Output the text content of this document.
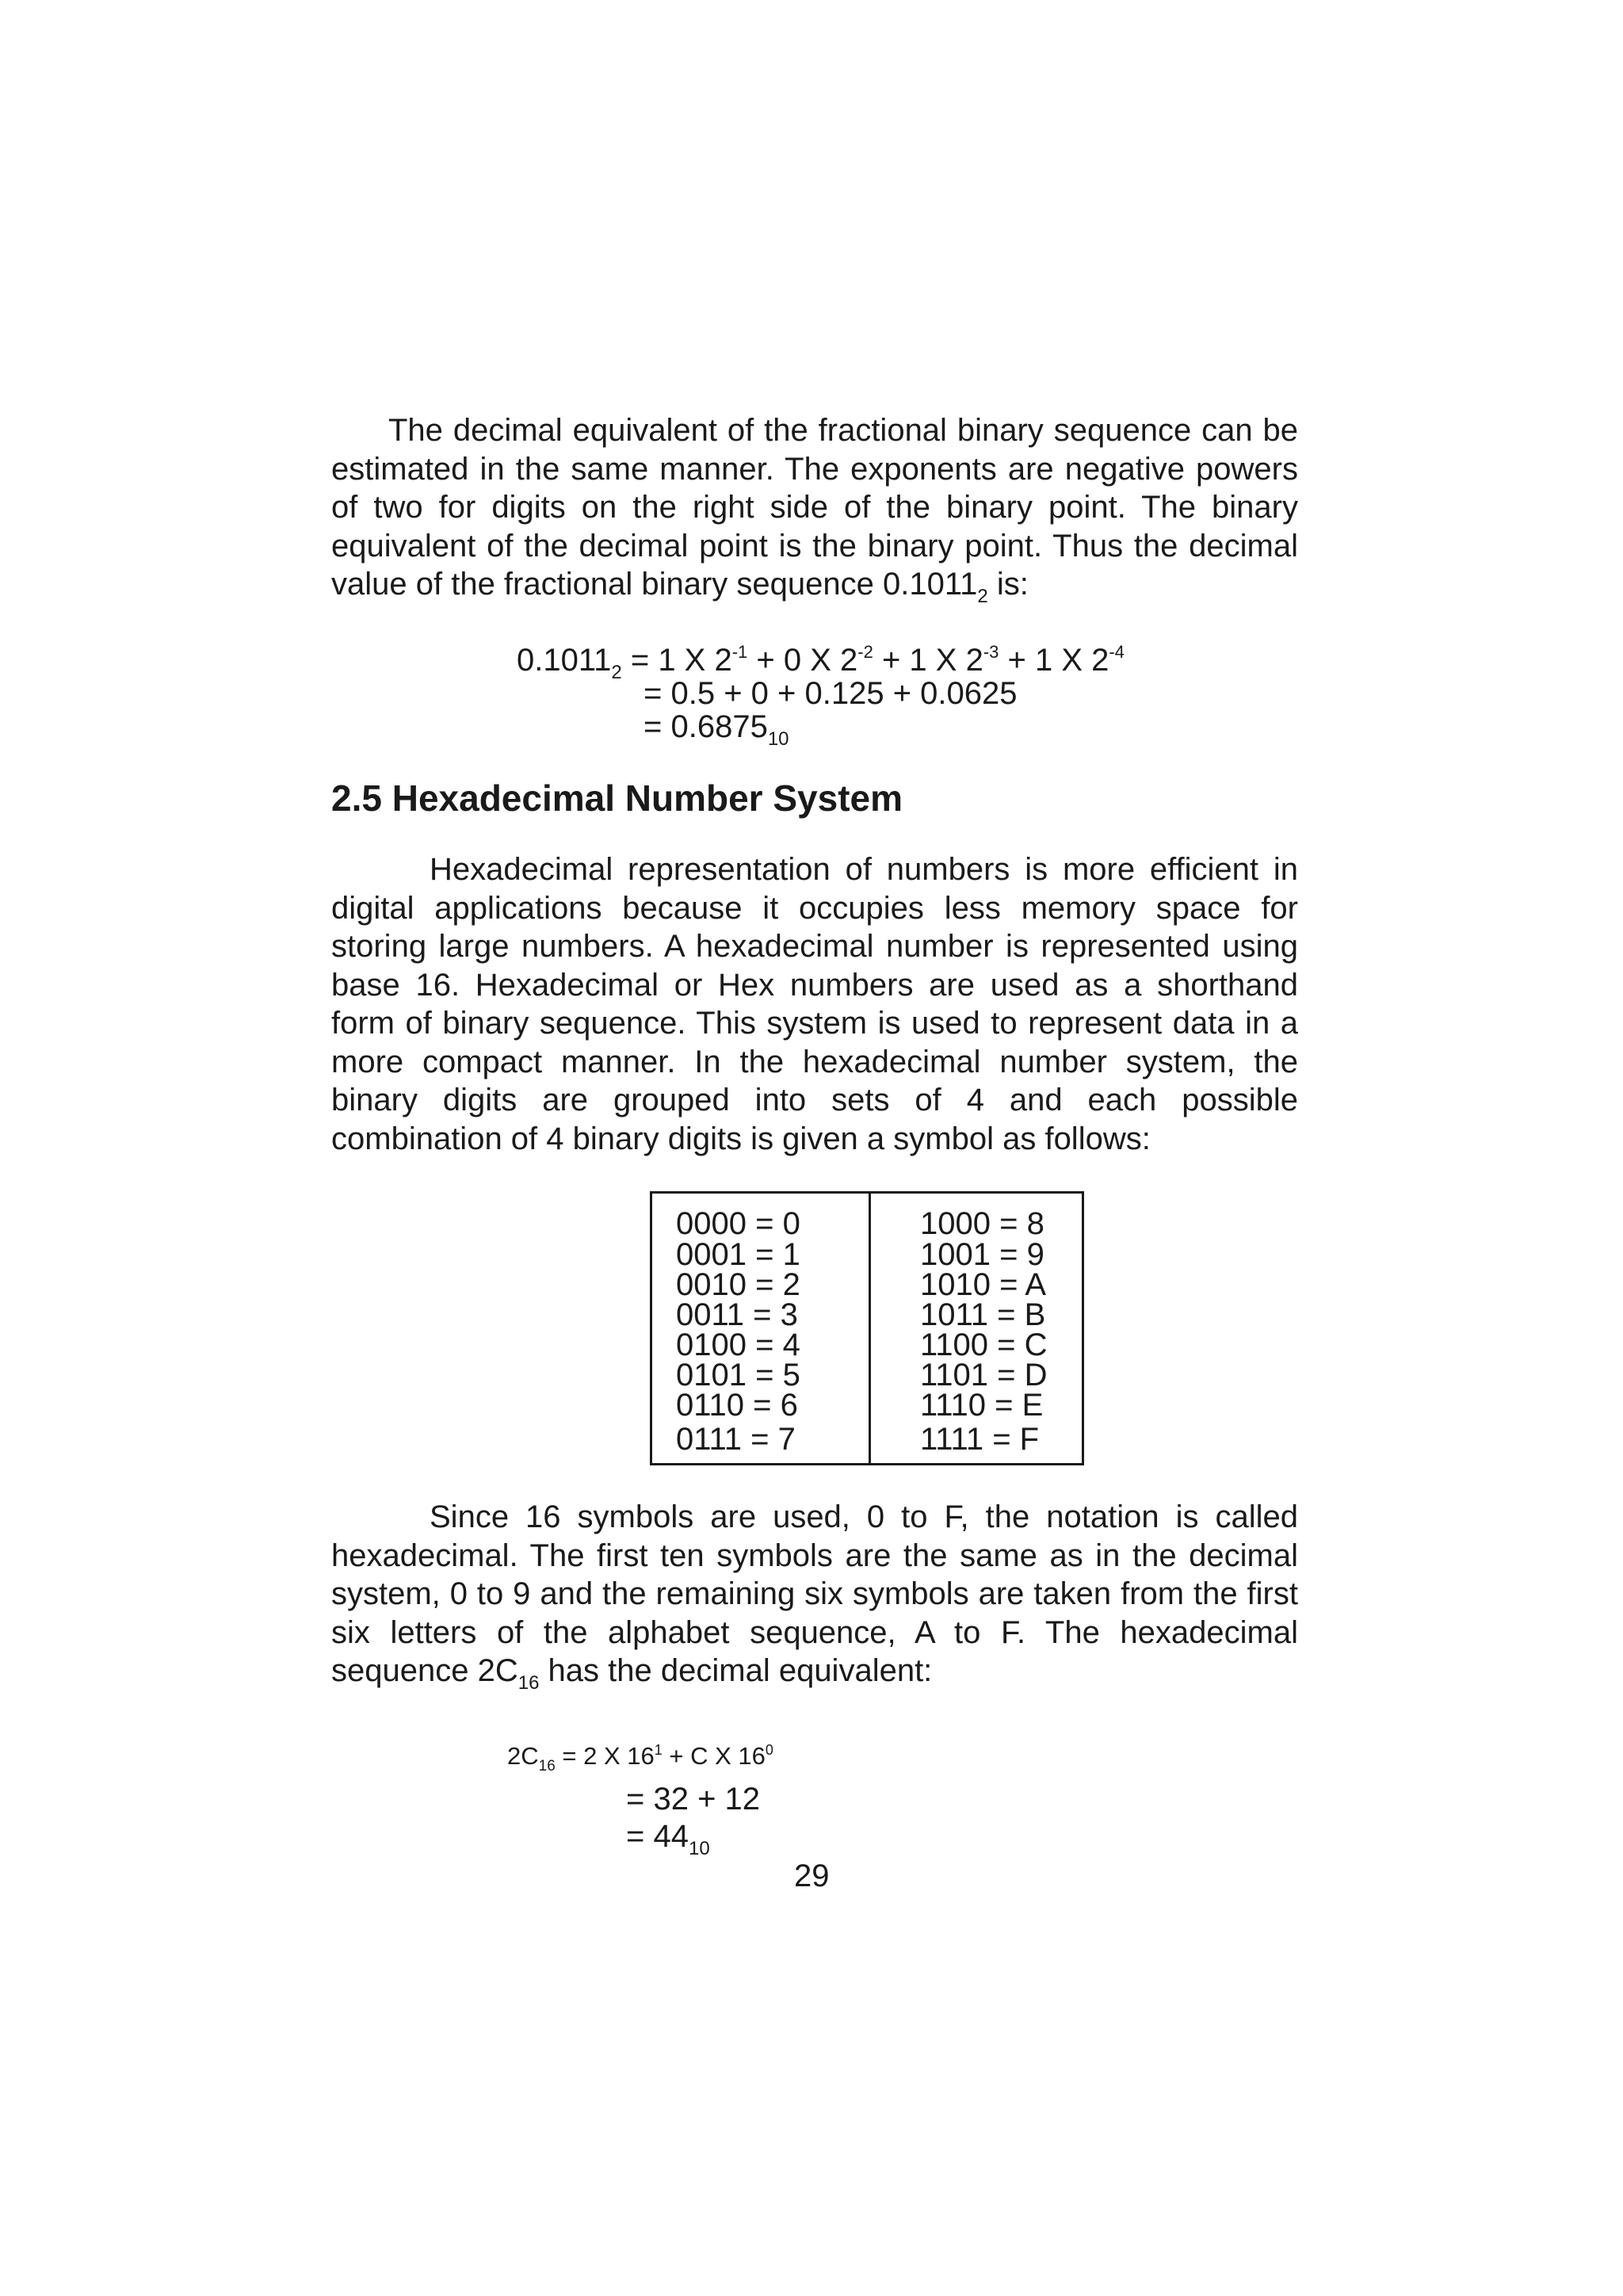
The decimal equivalent of the fractional binary sequence can be estimated in the same manner. The exponents are negative powers of two for digits on the right side of the binary point. The binary equivalent of the decimal point is the binary point. Thus the decimal value of the fractional binary sequence $0.1011_2$ is:

$0.1011_2 = 1$ X $2^{-1} + 0$ X $2^{-2} + 1$ X $2^{-3} + 1$ X $2^{-4}$
= 0.5 + 0 + 0.125 + 0.0625
= $0.6875_{10}$
2.5 Hexadecimal Number System

Hexadecimal representation of numbers is more efficient in digital applications because it occupies less memory space for storing large numbers. A hexadecimal number is represented using base 16. Hexadecimal or Hex numbers are used as a shorthand form of binary sequence. This system is used to represent data in a more compact manner. In the hexadecimal number system, the binary digits are grouped into sets of 4 and each possible combination of 4 binary digits is given a symbol as follows:

0000 = 0
0001 = 1
0010 = 2
0011 = 3
0100 = 4
0101 = 5
0110 = 6
0111 = 7
1000 = 8
1001 = 9
1010 = A
1011 = B
1100 = C
1101 = D
1110 = E
1111 = F

Since 16 symbols are used, 0 to F, the notation is called hexadecimal. The first ten symbols are the same as in the decimal system, 0 to 9 and the remaining six symbols are taken from the first six letters of the alphabet sequence, A to F. The hexadecimal sequence $2C_{16}$ has the decimal equivalent:

$2C_{16} = 2$ X $16^1 + C$ X $16^0$
= 32 + 12
= $44_{10}$
29
